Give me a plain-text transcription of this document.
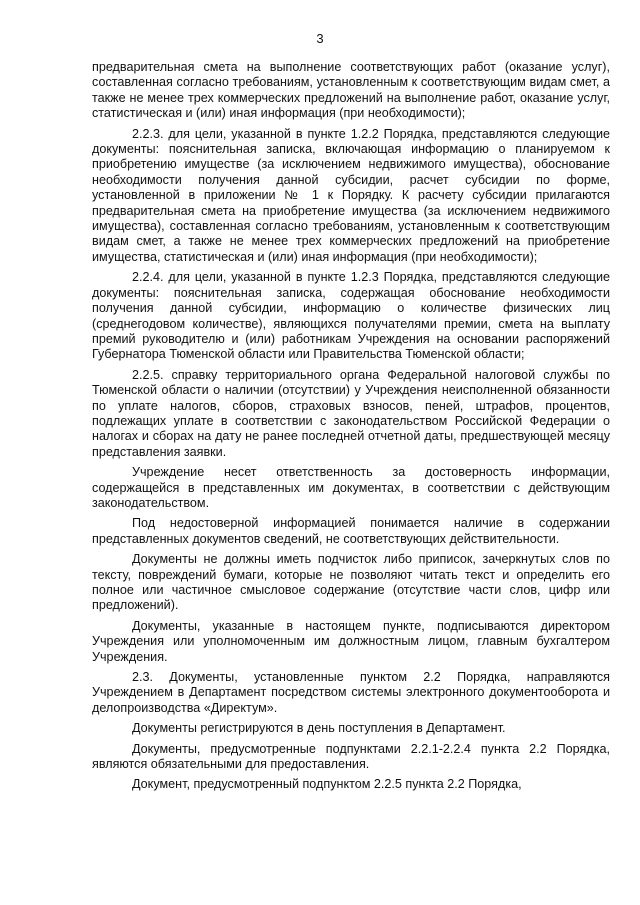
3

предварительная смета на выполнение соответствующих работ (оказание услуг), составленная согласно требованиям, установленным к соответствующим видам смет, а также не менее трех коммерческих предложений на выполнение работ, оказание услуг, статистическая и (или) иная информация (при необходимости);

2.2.3. для цели, указанной в пункте 1.2.2 Порядка, представляются следующие документы: пояснительная записка, включающая информацию о планируемом к приобретению имуществе (за исключением недвижимого имущества), обоснование необходимости получения данной субсидии, расчет субсидии по форме, установленной в приложении № 1 к Порядку. К расчету субсидии прилагаются предварительная смета на приобретение имущества (за исключением недвижимого имущества), составленная согласно требованиям, установленным к соответствующим видам смет, а также не менее трех коммерческих предложений на приобретение имущества, статистическая и (или) иная информация (при необходимости);

2.2.4. для цели, указанной в пункте 1.2.3 Порядка, представляются следующие документы: пояснительная записка, содержащая обоснование необходимости получения данной субсидии, информацию о количестве физических лиц (среднегодовом количестве), являющихся получателями премии, смета на выплату премий руководителю и (или) работникам Учреждения на основании распоряжений Губернатора Тюменской области или Правительства Тюменской области;

2.2.5. справку территориального органа Федеральной налоговой службы по Тюменской области о наличии (отсутствии) у Учреждения неисполненной обязанности по уплате налогов, сборов, страховых взносов, пеней, штрафов, процентов, подлежащих уплате в соответствии с законодательством Российской Федерации о налогах и сборах на дату не ранее последней отчетной даты, предшествующей месяцу представления заявки.

Учреждение несет ответственность за достоверность информации, содержащейся в представленных им документах, в соответствии с действующим законодательством.

Под недостоверной информацией понимается наличие в содержании представленных документов сведений, не соответствующих действительности.

Документы не должны иметь подчисток либо приписок, зачеркнутых слов по тексту, повреждений бумаги, которые не позволяют читать текст и определить его полное или частичное смысловое содержание (отсутствие части слов, цифр или предложений).

Документы, указанные в настоящем пункте, подписываются директором Учреждения или уполномоченным им должностным лицом, главным бухгалтером Учреждения.

2.3. Документы, установленные пунктом 2.2 Порядка, направляются Учреждением в Департамент посредством системы электронного документооборота и делопроизводства «Директум».

Документы регистрируются в день поступления в Департамент.

Документы, предусмотренные подпунктами 2.2.1-2.2.4 пункта 2.2 Порядка, являются обязательными для предоставления.

Документ, предусмотренный подпунктом 2.2.5 пункта 2.2 Порядка,
